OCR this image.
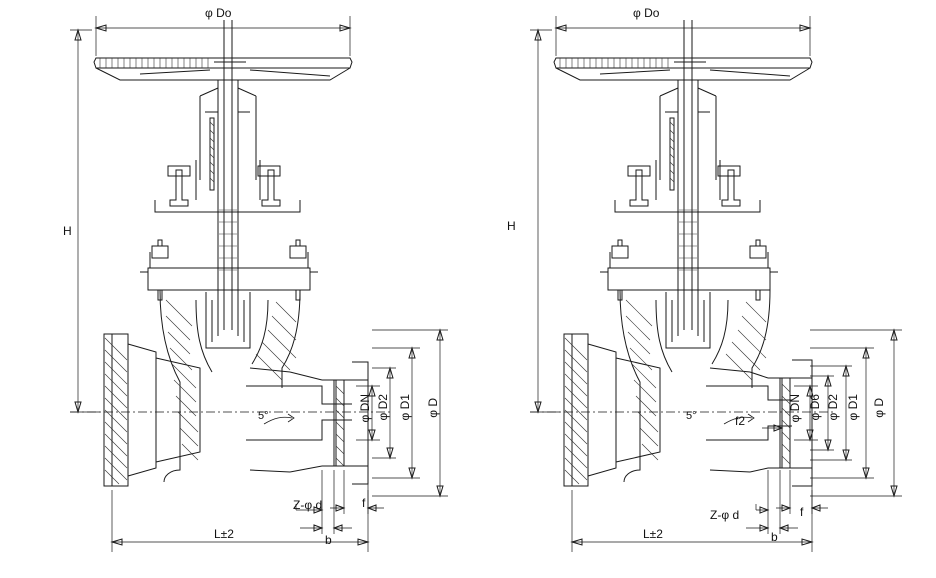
φ Do
H
L±2
φ DN φ D2 φ D1 φ D
Z-φ d
b
f
5°
φ Do
H
L±2
f2	φ DN φ D6 φ D2 φ D1 φ D
Z-φ d
b
f
5°
